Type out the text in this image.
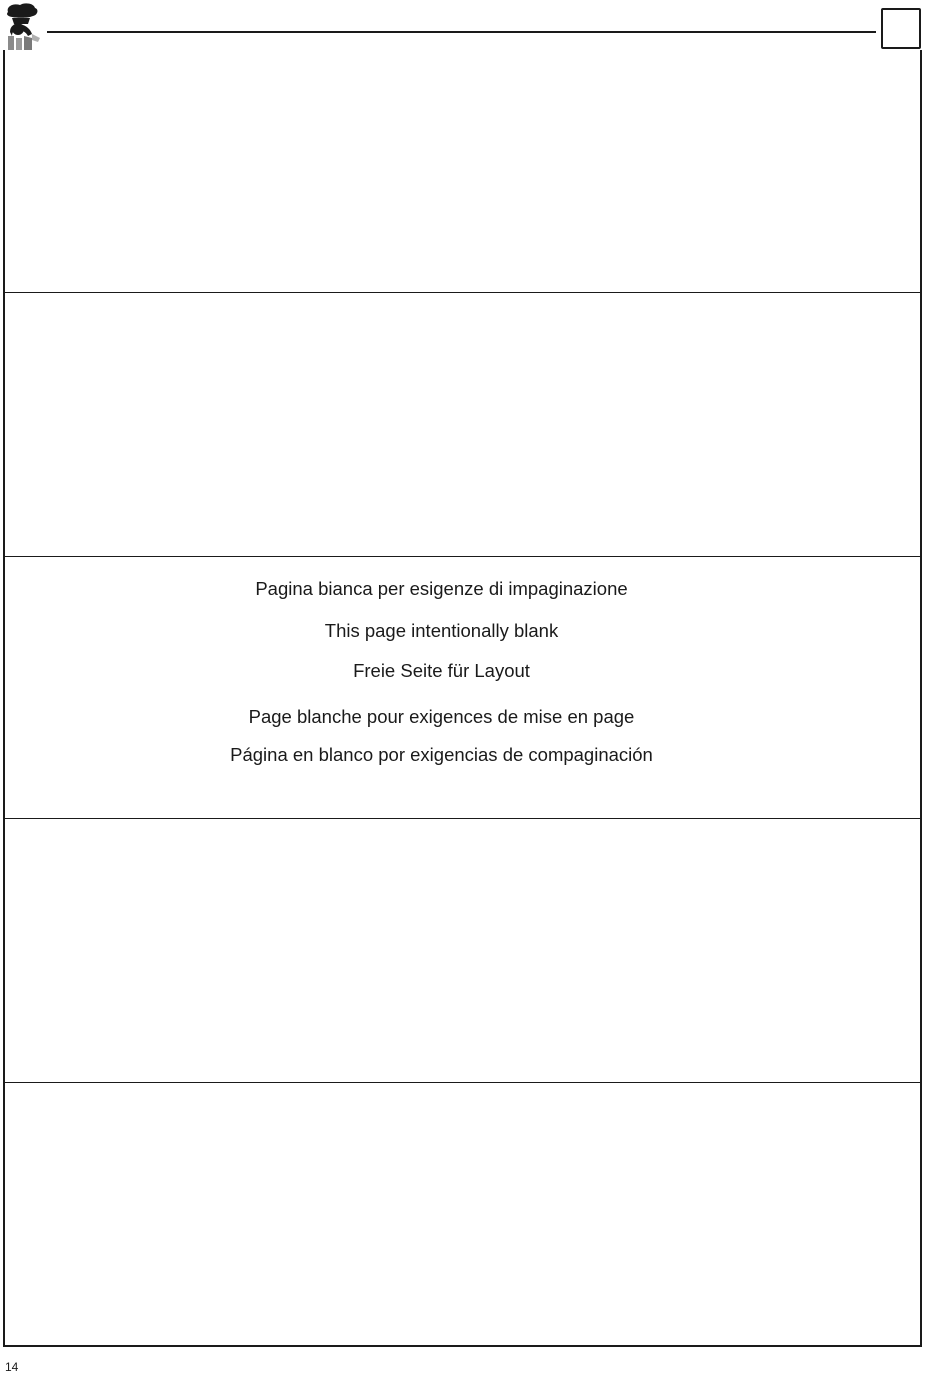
Pagina bianca per esigenze di impaginazione
This page intentionally blank
Freie Seite für Layout
Page blanche pour exigences de mise en page
Página en blanco por exigencias de compaginación
14
